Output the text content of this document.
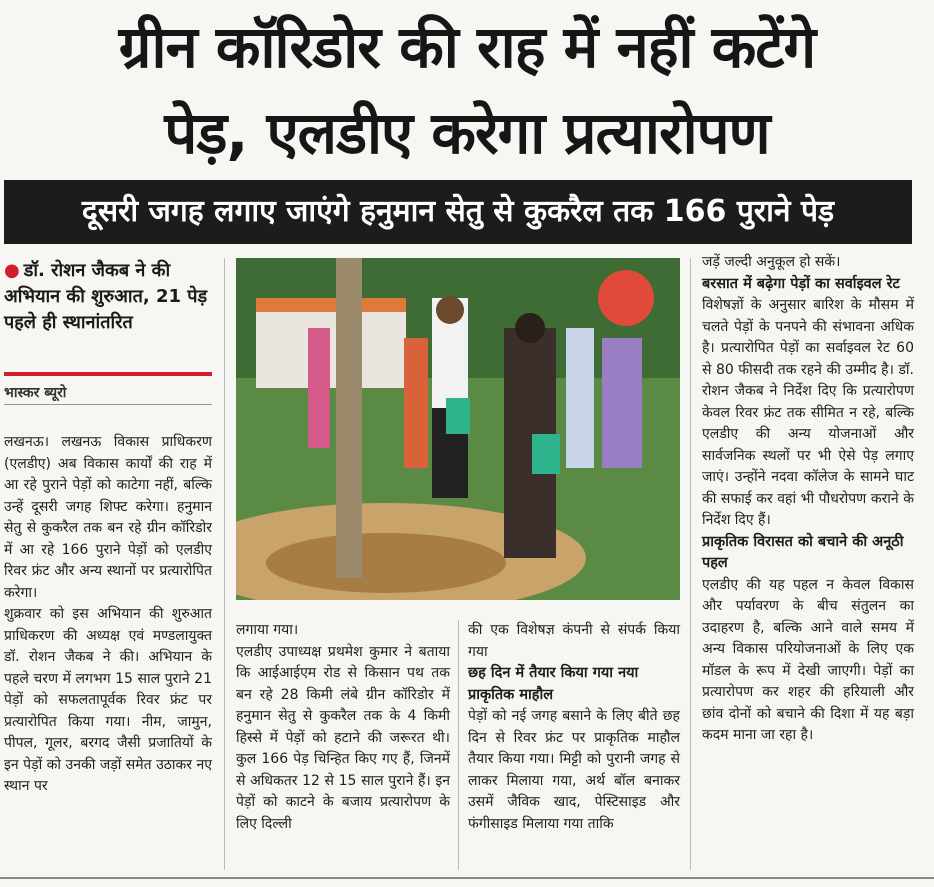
ग्रीन कॉरिडोर की राह में नहीं कटेंगे
पेड़, एलडीए करेगा प्रत्यारोपण
दूसरी जगह लगाए जाएंगे हनुमान सेतु से कुकरैल तक 166 पुराने पेड़
● डॉ. रोशन जैकब ने की अभियान की शुरुआत, 21 पेड़ पहले ही स्थानांतरित
भास्कर ब्यूरो

लखनऊ। लखनऊ विकास प्राधिकरण (एलडीए) अब विकास कार्यों की राह में आ रहे पुराने पेड़ों को काटेगा नहीं, बल्कि उन्हें दूसरी जगह शिफ्ट करेगा। हनुमान सेतु से कुकरैल तक बन रहे ग्रीन कॉरिडोर में आ रहे 166 पुराने पेड़ों को एलडीए रिवर फ्रंट और अन्य स्थानों पर प्रत्यारोपित करेगा।

शुक्रवार को इस अभियान की शुरुआत प्राधिकरण की अध्यक्ष एवं मण्डलायुक्त डॉ. रोशन जैकब ने की। अभियान के पहले चरण में लगभग 15 साल पुराने 21 पेड़ों को सफलतापूर्वक रिवर फ्रंट पर प्रत्यारोपित किया गया। नीम, जामुन, पीपल, गूलर, बरगद जैसी प्रजातियों के इन पेड़ों को उनकी जड़ों समेत उठाकर नए स्थान पर

लगाया गया।

एलडीए उपाध्यक्ष प्रथमेश कुमार ने बताया कि आईआईएम रोड से किसान पथ तक बन रहे 28 किमी लंबे ग्रीन कॉरिडोर में हनुमान सेतु से कुकरैल तक के 4 किमी हिस्से में पेड़ों को हटाने की जरूरत थी। कुल 166 पेड़ चिन्हित किए गए हैं, जिनमें से अधिकतर 12 से 15 साल पुराने हैं। इन पेड़ों को काटने के बजाय प्रत्यारोपण के लिए दिल्ली

की एक विशेषज्ञ कंपनी से संपर्क किया गया

छह दिन में तैयार किया गया नया प्राकृतिक माहौल

पेड़ों को नई जगह बसाने के लिए बीते छह दिन से रिवर फ्रंट पर प्राकृतिक माहौल तैयार किया गया। मिट्टी को पुरानी जगह से लाकर मिलाया गया, अर्थ बॉल बनाकर उसमें जैविक खाद, पेस्टिसाइड और फंगीसाइड मिलाया गया ताकि

जड़ें जल्दी अनुकूल हो सकें।

बरसात में बढ़ेगा पेड़ों का सर्वाइवल रेट

विशेषज्ञों के अनुसार बारिश के मौसम में चलते पेड़ों के पनपने की संभावना अधिक है। प्रत्यारोपित पेड़ों का सर्वाइवल रेट 60 से 80 फीसदी तक रहने की उम्मीद है। डॉ. रोशन जैकब ने निर्देश दिए कि प्रत्यारोपण केवल रिवर फ्रंट तक सीमित न रहे, बल्कि एलडीए की अन्य योजनाओं और सार्वजनिक स्थलों पर भी ऐसे पेड़ लगाए जाएं। उन्होंने नदवा कॉलेज के सामने घाट की सफाई कर वहां भी पौधरोपण कराने के निर्देश दिए हैं।

प्राकृतिक विरासत को बचाने की अनूठी पहल

एलडीए की यह पहल न केवल विकास और पर्यावरण के बीच संतुलन का उदाहरण है, बल्कि आने वाले समय में अन्य विकास परियोजनाओं के लिए एक मॉडल के रूप में देखी जाएगी। पेड़ों का प्रत्यारोपण कर शहर की हरियाली और छांव दोनों को बचाने की दिशा में यह बड़ा कदम माना जा रहा है।
